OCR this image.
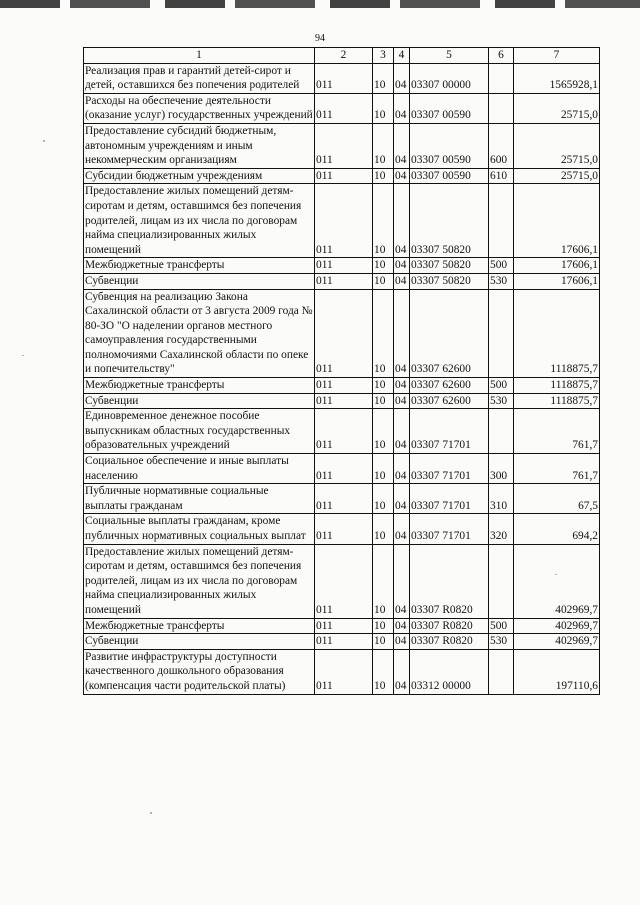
94
1	2	3	4	5	6	7
Реализация прав и гарантий детей-сирот и детей, оставшихся без попечения родителей	011	10	04	03307 00000		1565928,1
Расходы на обеспечение деятельности (оказание услуг) государственных учреждений	011	10	04	03307 00590		25715,0
Предоставление субсидий бюджетным, автономным учреждениям и иным некоммерческим организациям	011	10	04	03307 00590	600	25715,0
Субсидии бюджетным учреждениям	011	10	04	03307 00590	610	25715,0
Предоставление жилых помещений детям-сиротам и детям, оставшимся без попечения родителей, лицам из их числа по договорам найма специализированных жилых помещений	011	10	04	03307 50820		17606,1
Межбюджетные трансферты	011	10	04	03307 50820	500	17606,1
Субвенции	011	10	04	03307 50820	530	17606,1
Субвенция на реализацию Закона Сахалинской области от 3 августа 2009 года № 80-ЗО "О наделении органов местного самоуправления государственными полномочиями Сахалинской области по опеке и попечительству"	011	10	04	03307 62600		1118875,7
Межбюджетные трансферты	011	10	04	03307 62600	500	1118875,7
Субвенции	011	10	04	03307 62600	530	1118875,7
Единовременное денежное пособие выпускникам областных государственных образовательных учреждений	011	10	04	03307 71701		761,7
Социальное обеспечение и иные выплаты населению	011	10	04	03307 71701	300	761,7
Публичные нормативные социальные выплаты гражданам	011	10	04	03307 71701	310	67,5
Социальные выплаты гражданам, кроме публичных нормативных социальных выплат	011	10	04	03307 71701	320	694,2
Предоставление жилых помещений детям-сиротам и детям, оставшимся без попечения родителей, лицам из их числа по договорам найма специализированных жилых помещений	011	10	04	03307 R0820		402969,7
Межбюджетные трансферты	011	10	04	03307 R0820	500	402969,7
Субвенции	011	10	04	03307 R0820	530	402969,7
Развитие инфраструктуры доступности качественного дошкольного образования (компенсация части родительской платы)	011	10	04	03312 00000		197110,6
